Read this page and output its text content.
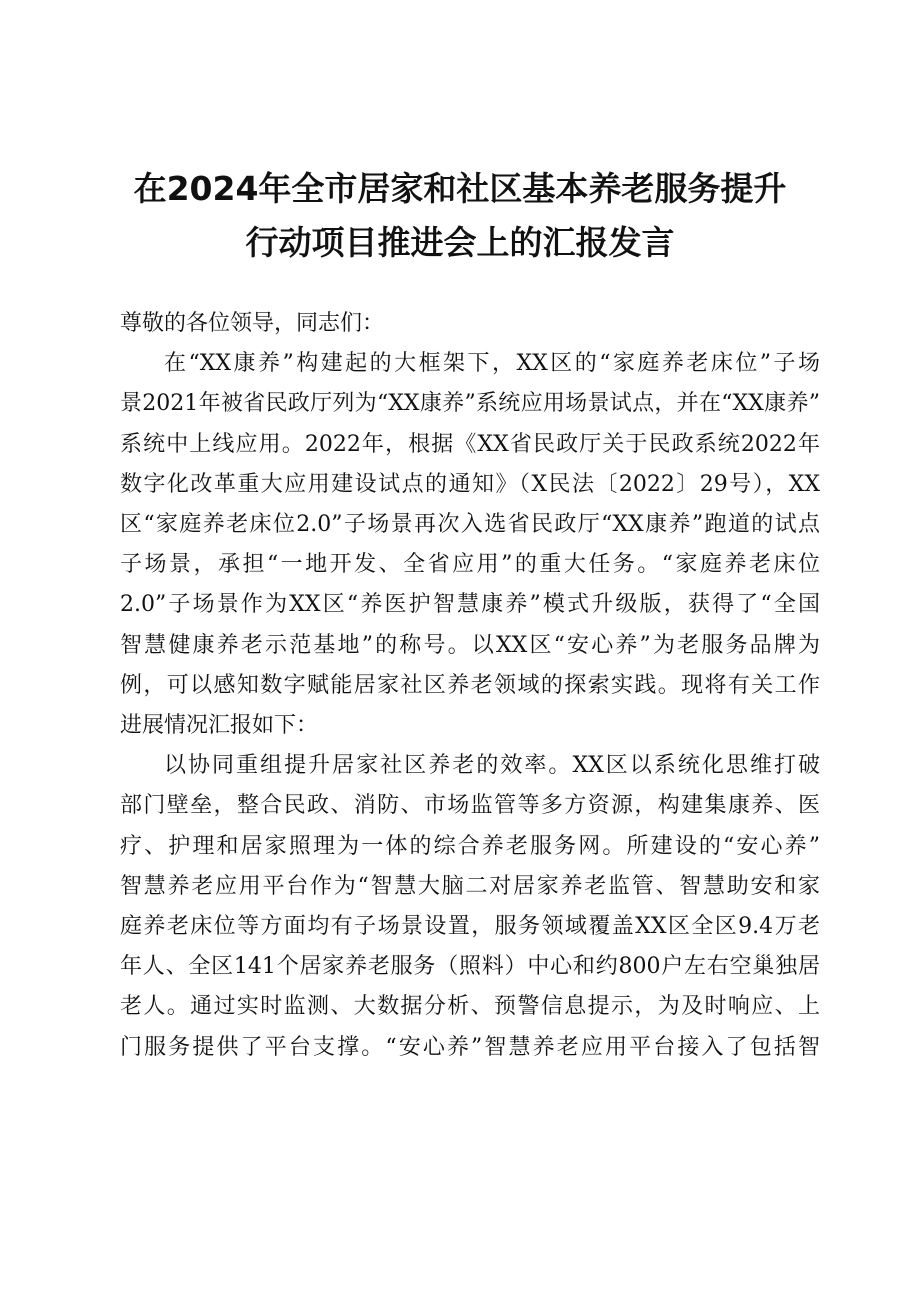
在2024年全市居家和社区基本养老服务提升
行动项目推进会上的汇报发言

尊敬的各位领导，同志们：

在“XX康养”构建起的大框架下，XX区的“家庭养老床位”子场
景2021年被省民政厅列为“XX康养”系统应用场景试点，并在“XX康养”
系统中上线应用。2022年，根据《XX省民政厅关于民政系统2022年
数字化改革重大应用建设试点的通知》（X民法〔2022〕29号），XX
区“家庭养老床位2.0”子场景再次入选省民政厅“XX康养”跑道的试点
子场景，承担“一地开发、全省应用”的重大任务。“家庭养老床位
2.0”子场景作为XX区“养医护智慧康养”模式升级版，获得了“全国
智慧健康养老示范基地”的称号。以XX区“安心养”为老服务品牌为
例，可以感知数字赋能居家社区养老领域的探索实践。现将有关工作
进展情况汇报如下：

以协同重组提升居家社区养老的效率。XX区以系统化思维打破
部门壁垒，整合民政、消防、市场监管等多方资源，构建集康养、医
疗、护理和居家照理为一体的综合养老服务网。所建设的“安心养”
智慧养老应用平台作为“智慧大脑二对居家养老监管、智慧助安和家
庭养老床位等方面均有子场景设置，服务领域覆盖XX区全区9.4万老
年人、全区141个居家养老服务（照料）中心和约800户左右空巢独居
老人。通过实时监测、大数据分析、预警信息提示，为及时响应、上
门服务提供了平台支撑。“安心养”智慧养老应用平台接入了包括智
